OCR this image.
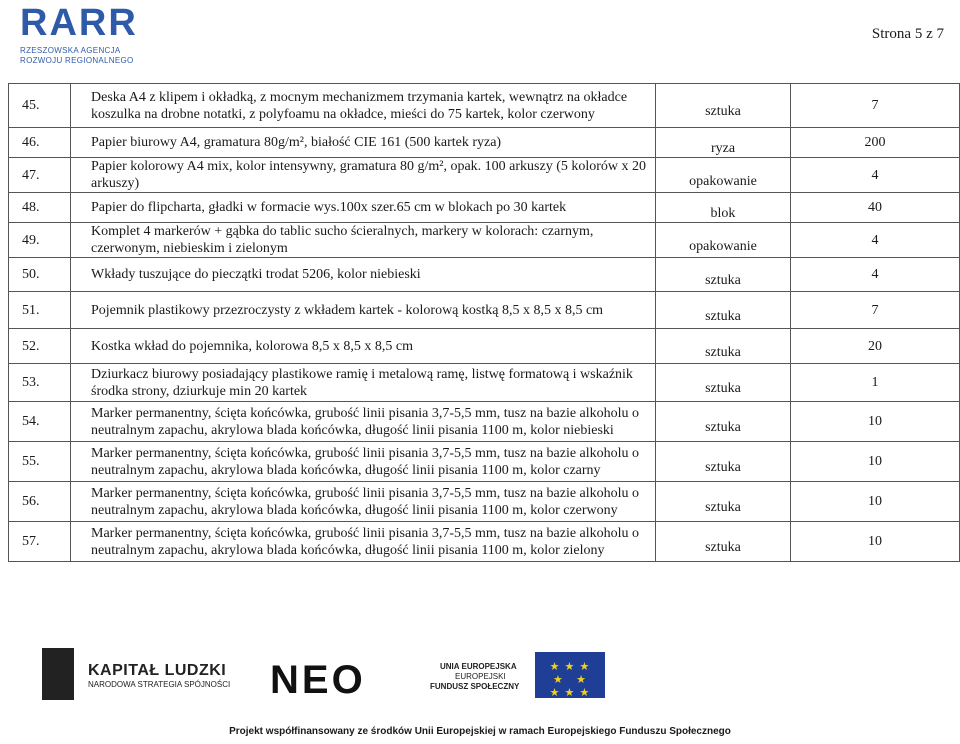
RARR
RZESZOWSKA AGENCJA
ROZWOJU REGIONALNEGO
Strona 5 z 7
45.	Deska A4 z klipem i okładką, z mocnym mechanizmem trzymania kartek, wewnątrz na okładce koszulka na drobne notatki, z polyfoamu na okładce, mieści do 75 kartek, kolor czerwony	sztuka	7
46.	Papier biurowy A4, gramatura 80g/m², białość CIE 161 (500 kartek ryza)	ryza	200
47.	Papier kolorowy A4 mix, kolor intensywny, gramatura 80 g/m², opak. 100 arkuszy (5 kolorów x 20 arkuszy)	opakowanie	4
48.	Papier do flipcharta, gładki w formacie wys.100x szer.65 cm w blokach po 30 kartek	blok	40
49.	Komplet 4 markerów + gąbka do tablic sucho ścieralnych, markery w kolorach: czarnym, czerwonym, niebieskim i zielonym	opakowanie	4
50.	Wkłady tuszujące do pieczątki trodat 5206, kolor niebieski	sztuka	4
51.	Pojemnik plastikowy przezroczysty z wkładem kartek - kolorową kostką 8,5 x 8,5 x 8,5 cm	sztuka	7
52.	Kostka wkład do pojemnika, kolorowa 8,5 x 8,5 x 8,5 cm	sztuka	20
53.	Dziurkacz biurowy posiadający plastikowe ramię i metalową ramę, listwę formatową i wskaźnik środka strony, dziurkuje min 20 kartek	sztuka	1
54.	Marker permanentny, ścięta końcówka, grubość linii pisania 3,7-5,5 mm, tusz na bazie alkoholu o neutralnym zapachu, akrylowa blada końcówka, długość linii pisania 1100 m, kolor niebieski	sztuka	10
55.	Marker permanentny, ścięta końcówka, grubość linii pisania 3,7-5,5 mm, tusz na bazie alkoholu o neutralnym zapachu, akrylowa blada końcówka, długość linii pisania 1100 m, kolor czarny	sztuka	10
56.	Marker permanentny, ścięta końcówka, grubość linii pisania 3,7-5,5 mm, tusz na bazie alkoholu o neutralnym zapachu, akrylowa blada końcówka, długość linii pisania 1100 m, kolor czerwony	sztuka	10
57.	Marker permanentny, ścięta końcówka, grubość linii pisania 3,7-5,5 mm, tusz na bazie alkoholu o neutralnym zapachu, akrylowa blada końcówka, długość linii pisania 1100 m, kolor zielony	sztuka	10
KAPITAŁ LUDZKI
NARODOWA STRATEGIA SPÓJNOŚCI NEO	UNIA EUROPEJSKA
EUROPEJSKI
FUNDUSZ SPOŁECZNY
★ ★ ★
★   ★
★ ★ ★
Projekt współfinansowany ze środków Unii Europejskiej w ramach Europejskiego Funduszu Społecznego
